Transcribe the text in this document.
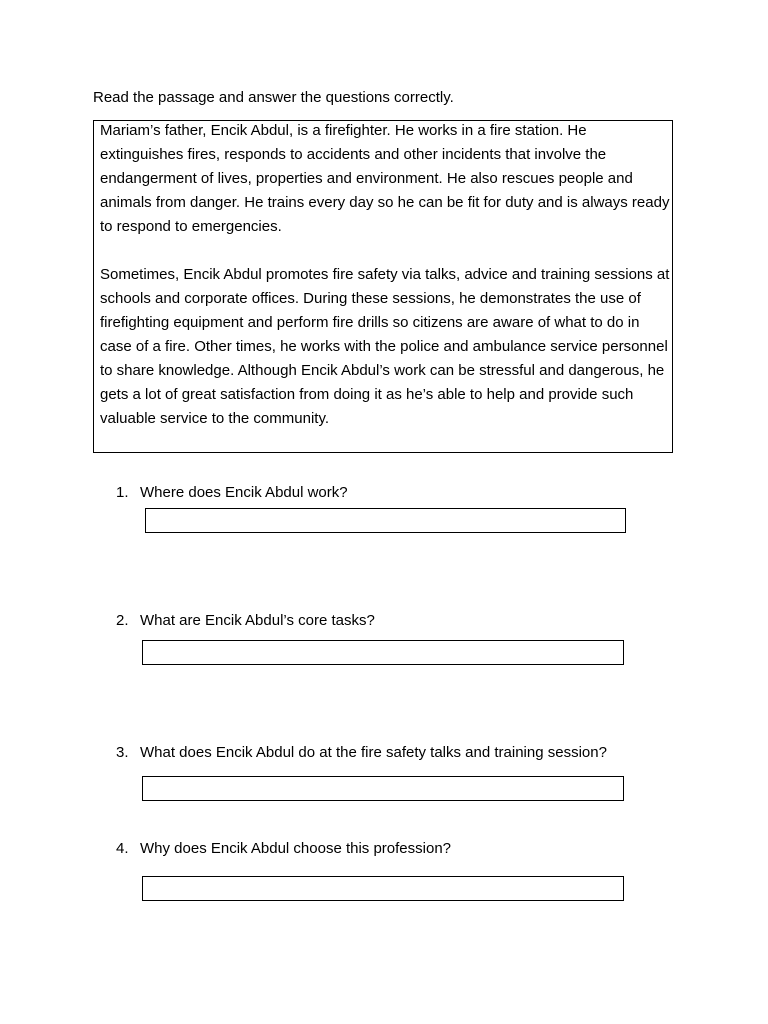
Read the passage and answer the questions correctly.

Mariam’s father, Encik Abdul, is a firefighter. He works in a fire station. He extinguishes fires, responds to accidents and other incidents that involve the endangerment of lives, properties and environment. He also rescues people and animals from danger. He trains every day so he can be fit for duty and is always ready to respond to emergencies.

Sometimes, Encik Abdul promotes fire safety via talks, advice and training sessions at schools and corporate offices. During these sessions, he demonstrates the use of firefighting equipment and perform fire drills so citizens are aware of what to do in case of a fire. Other times, he works with the police and ambulance service personnel to share knowledge. Although Encik Abdul’s work can be stressful and dangerous, he gets a lot of great satisfaction from doing it as he’s able to help and provide such valuable service to the community.

1. Where does Encik Abdul work?
2. What are Encik Abdul’s core tasks?
3. What does Encik Abdul do at the fire safety talks and training session?
4. Why does Encik Abdul choose this profession?
